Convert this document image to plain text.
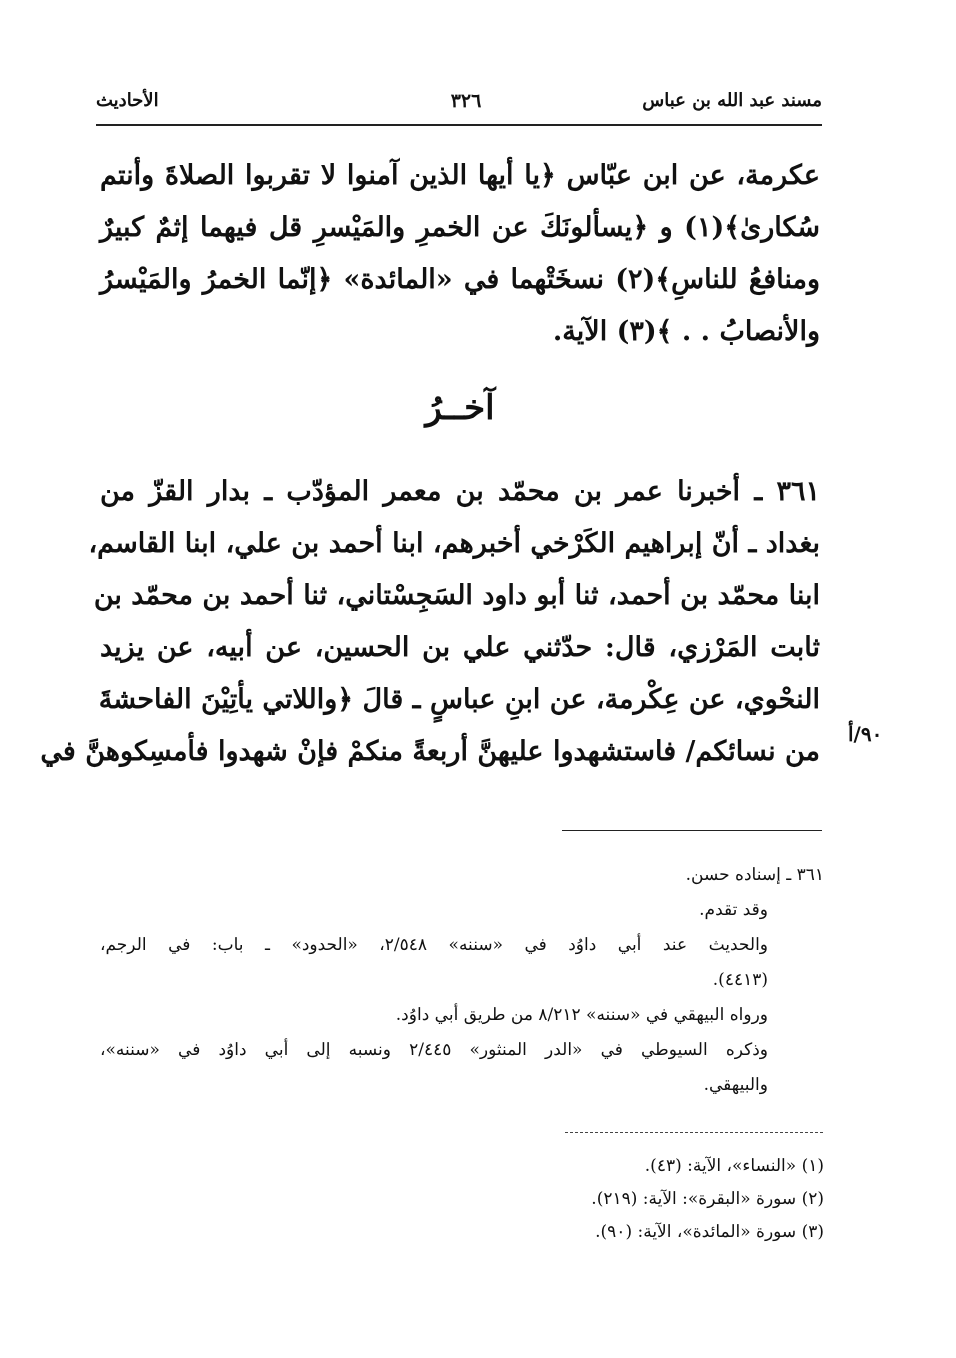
مسند عبد الله بن عباس
٣٢٦
الأحاديث
عكرمة، عن ابن عبّاس ﴿يا أيها الذين آمنوا لا تقربوا الصلاةَ وأنتم
سُكارىٰ﴾(١) و ﴿يسألونَكَ عن الخمرِ والمَيْسرِ قل فيهما إثمٌ كبيرٌ
ومنافعُ للناسِ﴾(٢) نسخَتْهما في «المائدة» ﴿إنّما الخمرُ والمَيْسرُ
والأنصابُ . . ﴾(٣) الآية.
آخــرُ
٣٦١ ـ أخبرنا عمر بن محمّد بن معمر المؤدّب ـ بدار القزّ من
بغداد ـ أنّ إبراهيم الكَرْخي أخبرهم، ابنا أحمد بن علي، ابنا القاسم،
ابنا محمّد بن أحمد، ثنا أبو داود السَجِسْتاني، ثنا أحمد بن محمّد بن
ثابت المَرْزي، قال: حدّثني علي بن الحسين، عن أبيه، عن يزيد
النحْوي، عن عِكْرمة، عن ابنِ عباسٍ ـ قالَ ﴿واللاتي يأتِيْنَ الفاحشةَ
من نسائكم/ فاستشهدوا عليهنَّ أربعةً منكمْ فإنْ شهدوا فأمسِكوهنَّ في
٩٠/أ
٣٦١ ـ إسناده حسن.
وقد تقدم.
والحديث عند أبي داوُد في «سننه» ٢/٥٤٨، «الحدود» ـ باب: في الرجم،
(٤٤١٣).
ورواه البيهقي في «سننه» ٨/٢١٢ من طريق أبي داوُد.
وذكره السيوطي في «الدر المنثور» ٢/٤٤٥ ونسبه إلى أبي داوُد في «سننه»،
والبيهقي.
(١) «النساء»، الآية: (٤٣).
(٢) سورة «البقرة»: الآية: (٢١٩).
(٣) سورة «المائدة»، الآية: (٩٠).
